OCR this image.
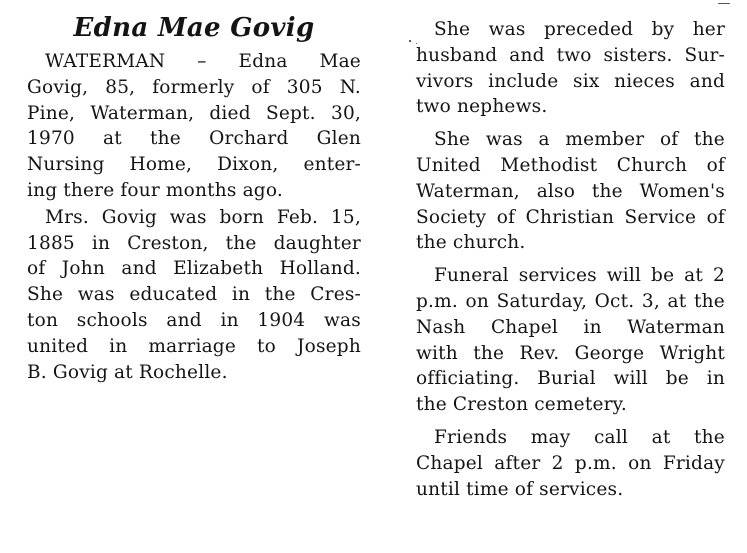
Edna Mae Govig
WATERMAN – Edna Mae
Govig, 85, formerly of 305 N.
Pine, Waterman, died Sept. 30,
1970 at the Orchard Glen
Nursing Home, Dixon, enter-
ing there four months ago.
Mrs. Govig was born Feb. 15,
1885 in Creston, the daughter
of John and Elizabeth Holland.
She was educated in the Cres-
ton schools and in 1904 was
united in marriage to Joseph
B. Govig at Rochelle.
She was preceded by her
husband and two sisters. Sur-
vivors include six nieces and
two nephews.
She was a member of the
United Methodist Church of
Waterman, also the Women's
Society of Christian Service of
the church.
Funeral services will be at 2
p.m. on Saturday, Oct. 3, at the
Nash Chapel in Waterman
with the Rev. George Wright
officiating. Burial will be in
the Creston cemetery.
Friends may call at the
Chapel after 2 p.m. on Friday
until time of services.
